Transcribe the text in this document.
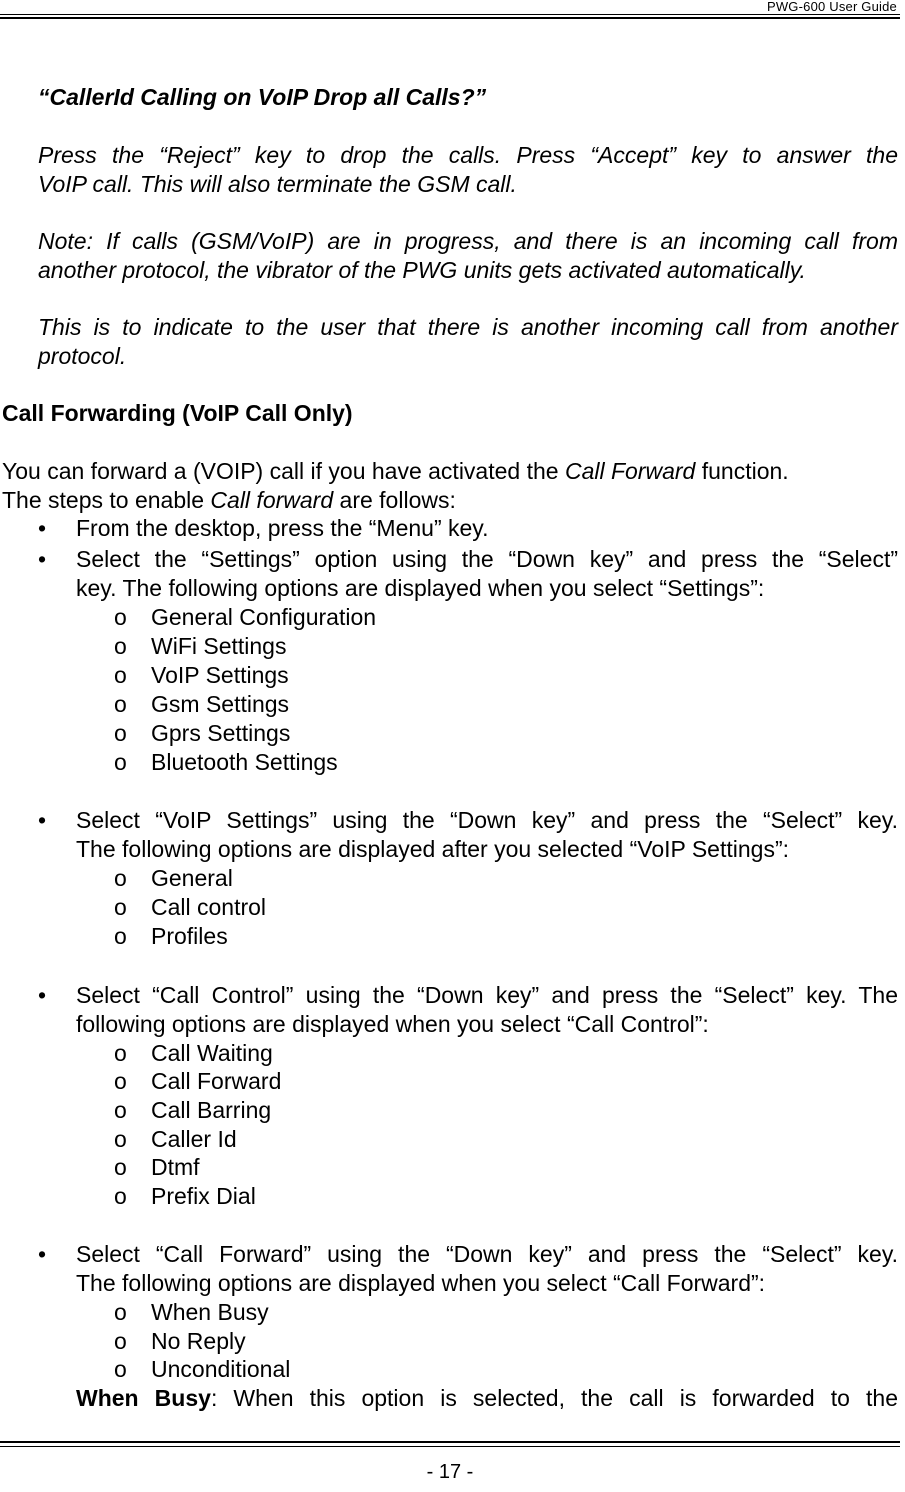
PWG-600 User Guide
“CallerId Calling on VoIP Drop all Calls?”
Press the “Reject” key to drop the calls. Press “Accept” key to answer the
VoIP call. This will also terminate the GSM call.
Note: If calls (GSM/VoIP) are in progress, and there is an incoming call from
another protocol, the vibrator of the PWG units gets activated automatically.
This is to indicate to the user that there is another incoming call from another
protocol.
Call Forwarding (VoIP Call Only)
You can forward a (VOIP) call if you have activated the Call Forward function.
The steps to enable Call forward are follows:
• From the desktop, press the “Menu” key.
• Select the “Settings” option using the “Down key” and press the “Select”
key. The following options are displayed when you select “Settings”:
o General Configuration
o WiFi Settings
o VoIP Settings
o Gsm Settings
o Gprs Settings
o Bluetooth Settings
• Select “VoIP Settings” using the “Down key” and press the “Select” key.
The following options are displayed after you selected “VoIP Settings”:
o General
o Call control
o Profiles
• Select “Call Control” using the “Down key” and press the “Select” key. The
following options are displayed when you select “Call Control”:
o Call Waiting
o Call Forward
o Call Barring
o Caller Id
o Dtmf
o Prefix Dial
• Select “Call Forward” using the “Down key” and press the “Select” key.
The following options are displayed when you select “Call Forward”:
o When Busy
o No Reply
o Unconditional
When Busy: When this option is selected, the call is forwarded to the
- 17 -
